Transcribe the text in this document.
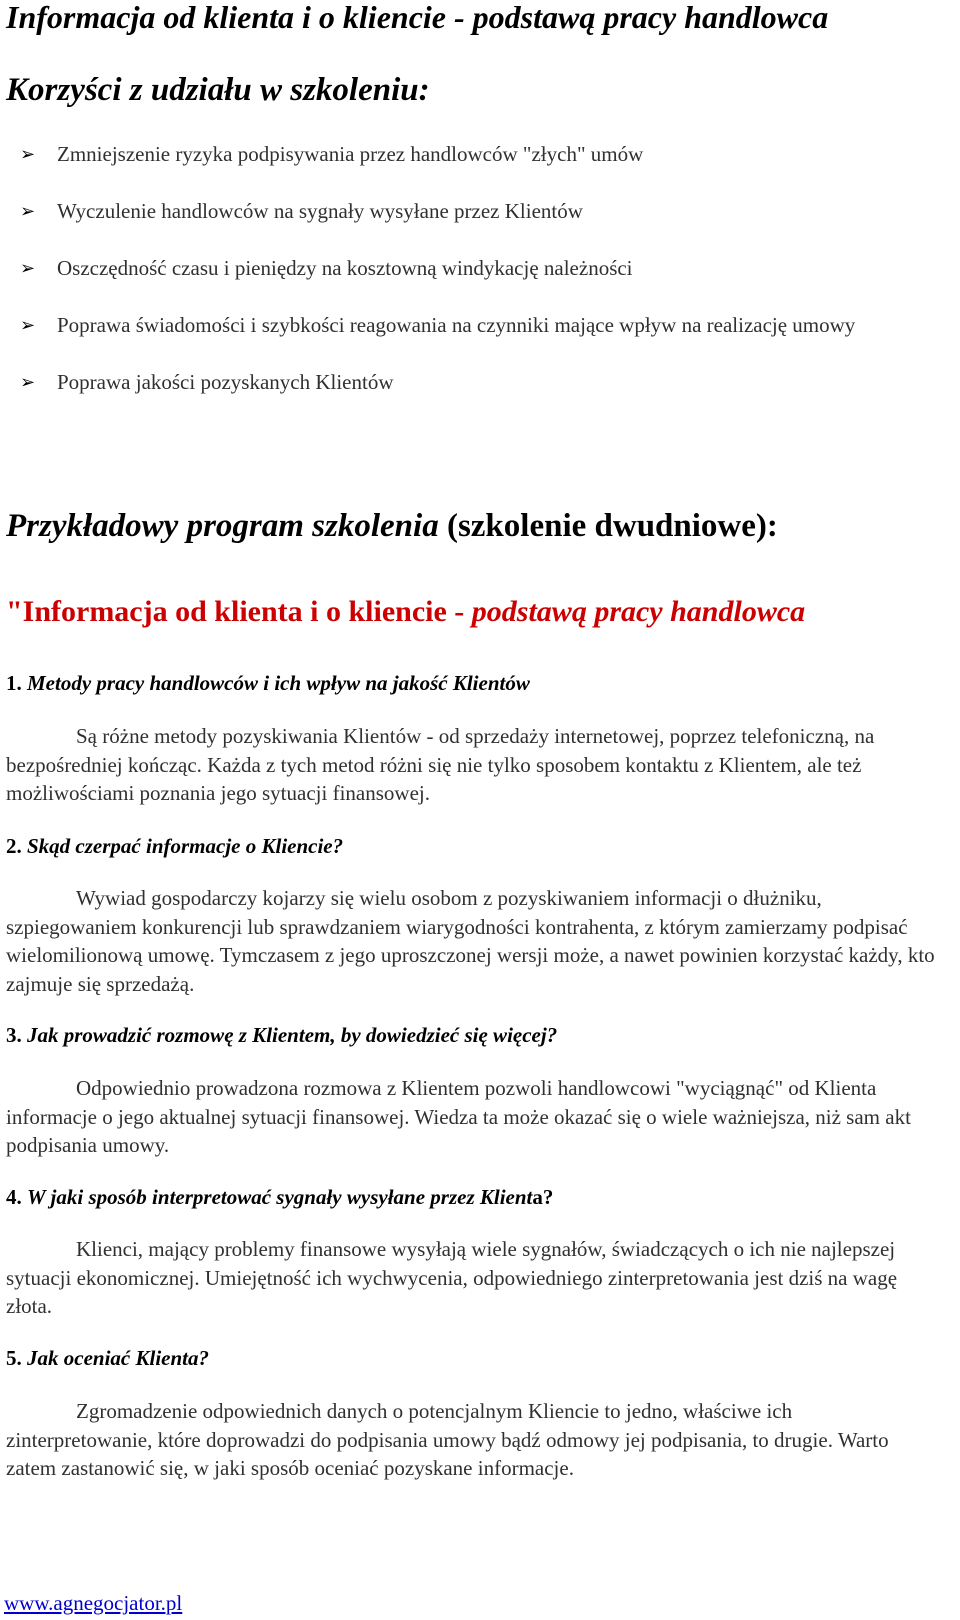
Informacja od klienta i o kliencie - podstawą pracy handlowca
Korzyści z udziału w szkoleniu:
➢ Zmniejszenie ryzyka podpisywania przez handlowców "złych" umów
➢ Wyczulenie handlowców na sygnały wysyłane przez Klientów
➢ Oszczędność czasu i pieniędzy na kosztowną windykację należności
➢ Poprawa świadomości i szybkości reagowania na czynniki mające wpływ na realizację umowy
➢ Poprawa jakości pozyskanych Klientów
Przykładowy program szkolenia (szkolenie dwudniowe):
"Informacja od klienta i o kliencie - podstawą pracy handlowca
1. Metody pracy handlowców i ich wpływ na jakość Klientów

Są różne metody pozyskiwania Klientów - od sprzedaży internetowej, poprzez telefoniczną, na bezpośredniej kończąc. Każda z tych metod różni się nie tylko sposobem kontaktu z Klientem, ale też możliwościami poznania jego sytuacji finansowej.

2. Skąd czerpać informacje o Kliencie?

Wywiad gospodarczy kojarzy się wielu osobom z pozyskiwaniem informacji o dłużniku, szpiegowaniem konkurencji lub sprawdzaniem wiarygodności kontrahenta, z którym zamierzamy podpisać wielomilionową umowę. Tymczasem z jego uproszczonej wersji może, a nawet powinien korzystać każdy, kto zajmuje się sprzedażą.

3. Jak prowadzić rozmowę z Klientem, by dowiedzieć się więcej?

Odpowiednio prowadzona rozmowa z Klientem pozwoli handlowcowi "wyciągnąć" od Klienta informacje o jego aktualnej sytuacji finansowej. Wiedza ta może okazać się o wiele ważniejsza, niż sam akt podpisania umowy.

4. W jaki sposób interpretować sygnały wysyłane przez Klienta?

Klienci, mający problemy finansowe wysyłają wiele sygnałów, świadczących o ich nie najlepszej sytuacji ekonomicznej. Umiejętność ich wychwycenia, odpowiedniego zinterpretowania jest dziś na wagę złota.

5. Jak oceniać Klienta?

Zgromadzenie odpowiednich danych o potencjalnym Kliencie to jedno, właściwe ich zinterpretowanie, które doprowadzi do podpisania umowy bądź odmowy jej podpisania, to drugie. Warto zatem zastanowić się, w jaki sposób oceniać pozyskane informacje.

www.agnegocjator.pl
